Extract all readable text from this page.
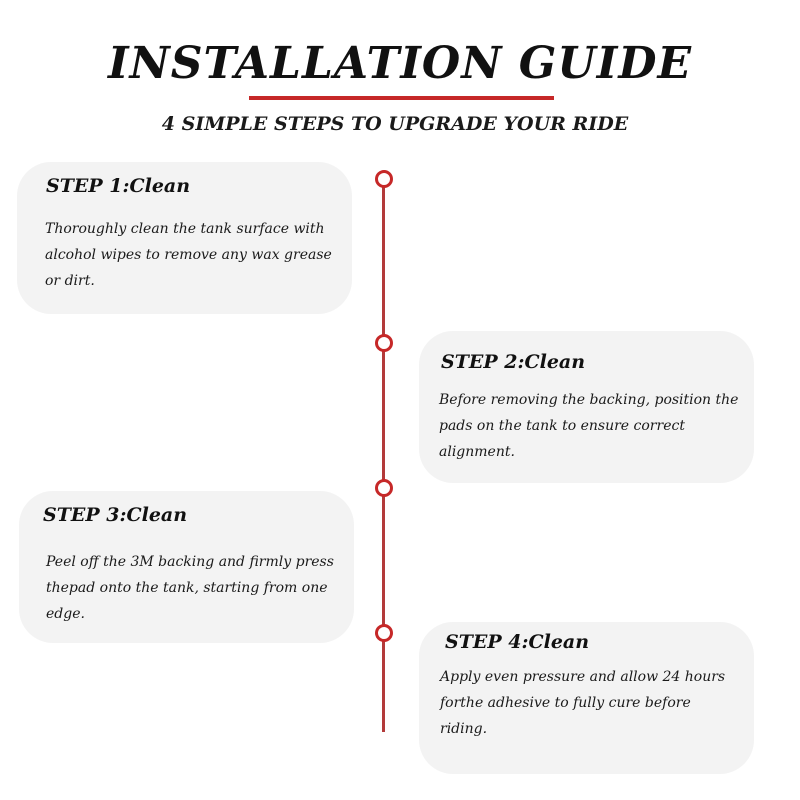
INSTALLATION GUIDE
4 SIMPLE STEPS TO UPGRADE YOUR RIDE
STEP 1:Clean
Thoroughly clean the tank surface with alcohol wipes to remove any wax grease or dirt.
STEP 2:Clean
Before removing the backing, position the pads on the tank to ensure correct alignment.
STEP 3:Clean
Peel off the 3M backing and firmly press thepad onto the tank, starting from one edge.
STEP 4:Clean
Apply even pressure and allow 24 hours forthe adhesive to fully cure before riding.
